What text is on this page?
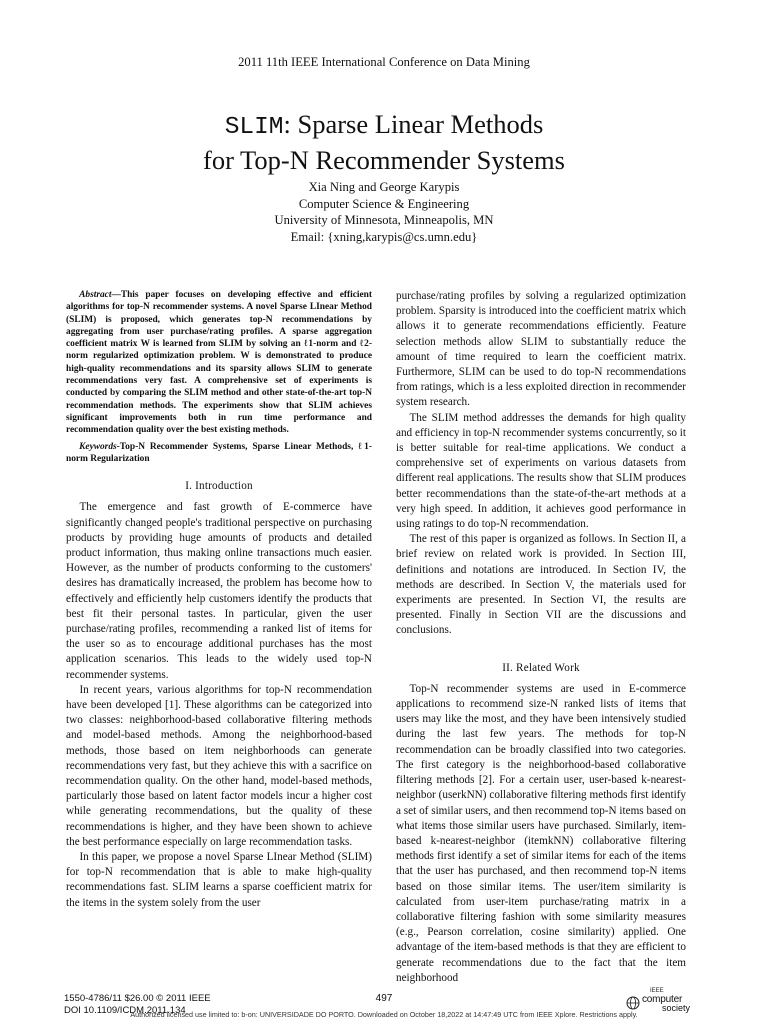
2011 11th IEEE International Conference on Data Mining
SLIM: Sparse Linear Methods
for Top-N Recommender Systems
Xia Ning and George Karypis
Computer Science & Engineering
University of Minnesota, Minneapolis, MN
Email: {xning,karypis@cs.umn.edu}

Abstract—This paper focuses on developing effective and efficient algorithms for top-N recommender systems. A novel Sparse LInear Method (SLIM) is proposed, which generates top-N recommendations by aggregating from user purchase/rating profiles. A sparse aggregation coefficient matrix W is learned from SLIM by solving an ℓ1-norm and ℓ2-norm regularized optimization problem. W is demonstrated to produce high-quality recommendations and its sparsity allows SLIM to generate recommendations very fast. A comprehensive set of experiments is conducted by comparing the SLIM method and other state-of-the-art top-N recommendation methods. The experiments show that SLIM achieves significant improvements both in run time performance and recommendation quality over the best existing methods.

Keywords-Top-N Recommender Systems, Sparse Linear Methods, ℓ1-norm Regularization

I. Introduction

The emergence and fast growth of E-commerce have significantly changed people's traditional perspective on purchasing products by providing huge amounts of products and detailed product information, thus making online transactions much easier. However, as the number of products conforming to the customers' desires has dramatically increased, the problem has become how to effectively and efficiently help customers identify the products that best fit their personal tastes. In particular, given the user purchase/rating profiles, recommending a ranked list of items for the user so as to encourage additional purchases has the most application scenarios. This leads to the widely used top-N recommender systems.

In recent years, various algorithms for top-N recommendation have been developed [1]. These algorithms can be categorized into two classes: neighborhood-based collaborative filtering methods and model-based methods. Among the neighborhood-based methods, those based on item neighborhoods can generate recommendations very fast, but they achieve this with a sacrifice on recommendation quality. On the other hand, model-based methods, particularly those based on latent factor models incur a higher cost while generating recommendations, but the quality of these recommendations is higher, and they have been shown to achieve the best performance especially on large recommendation tasks.

In this paper, we propose a novel Sparse LInear Method (SLIM) for top-N recommendation that is able to make high-quality recommendations fast. SLIM learns a sparse coefficient matrix for the items in the system solely from the user

purchase/rating profiles by solving a regularized optimization problem. Sparsity is introduced into the coefficient matrix which allows it to generate recommendations efficiently. Feature selection methods allow SLIM to substantially reduce the amount of time required to learn the coefficient matrix. Furthermore, SLIM can be used to do top-N recommendations from ratings, which is a less exploited direction in recommender system research.

The SLIM method addresses the demands for high quality and efficiency in top-N recommender systems concurrently, so it is better suitable for real-time applications. We conduct a comprehensive set of experiments on various datasets from different real applications. The results show that SLIM produces better recommendations than the state-of-the-art methods at a very high speed. In addition, it achieves good performance in using ratings to do top-N recommendation.

The rest of this paper is organized as follows. In Section II, a brief review on related work is provided. In Section III, definitions and notations are introduced. In Section IV, the methods are described. In Section V, the materials used for experiments are presented. In Section VI, the results are presented. Finally in Section VII are the discussions and conclusions.

II. Related Work

Top-N recommender systems are used in E-commerce applications to recommend size-N ranked lists of items that users may like the most, and they have been intensively studied during the last few years. The methods for top-N recommendation can be broadly classified into two categories. The first category is the neighborhood-based collaborative filtering methods [2]. For a certain user, user-based k-nearest-neighbor (userkNN) collaborative filtering methods first identify a set of similar users, and then recommend top-N items based on what items those similar users have purchased. Similarly, item-based k-nearest-neighbor (itemkNN) collaborative filtering methods first identify a set of similar items for each of the items that the user has purchased, and then recommend top-N items based on those similar items. The user/item similarity is calculated from user-item purchase/rating matrix in a collaborative filtering fashion with some similarity measures (e.g., Pearson correlation, cosine similarity) applied. One advantage of the item-based methods is that they are efficient to generate recommendations due to the fact that the item neighborhood

1550-4786/11 $26.00 © 2011 IEEE
DOI 10.1109/ICDM.2011.134
497
IEEE
computer
society
Authorized licensed use limited to: b-on: UNIVERSIDADE DO PORTO. Downloaded on October 18,2022 at 14:47:49 UTC from IEEE Xplore. Restrictions apply.
